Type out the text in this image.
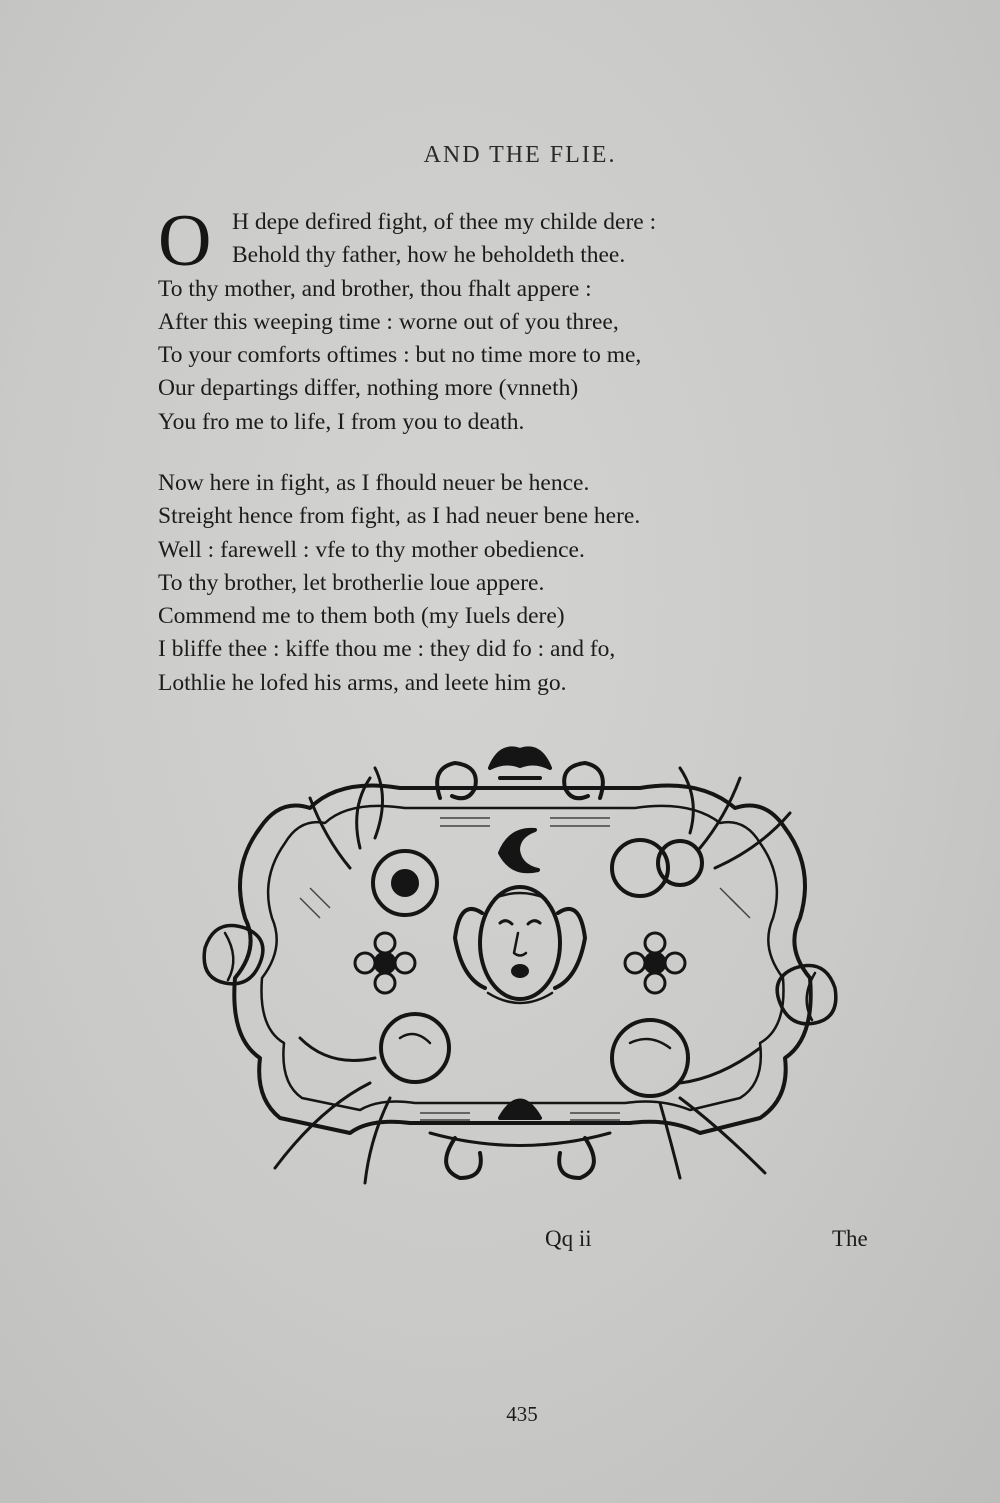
AND THE FLIE.
O H depe defired fight, of thee my childe dere :
Behold thy father, how he beholdeth thee.
To thy mother, and brother, thou fhalt appere :
After this weeping time : worne out of you three,
To your comforts oftimes : but no time more to me,
Our departings differ, nothing more (vnneth)
You fro me to life, I from you to death.
Now here in fight, as I fhould neuer be hence.
Streight hence from fight, as I had neuer bene here.
Well : farewell : vfe to thy mother obedience.
To thy brother, let brotherlie loue appere.
Commend me to them both (my Iuels dere)
I bliffe thee : kiffe thou me : they did fo : and fo,
Lothlie he lofed his arms, and leete him go.
Qq ii	The
435
